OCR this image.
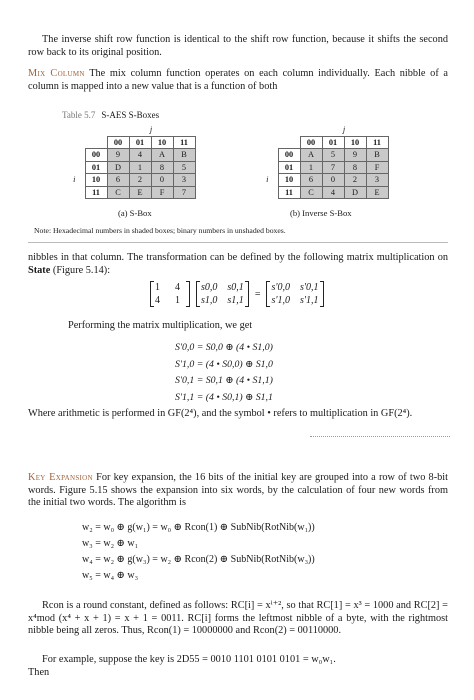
The inverse shift row function is identical to the shift row function, because it shifts the second row back to its original position.

Mix Column The mix column function operates on each column individually. Each nibble of a column is mapped into a new value that is a function of both

Table 5.7 S-AES S-Boxes
		j			
		00	01	10	11
	00	9	4	A	B
	01	D	1	8	5
i	10	6	2	0	3
	11	C	E	F	7
(a) S-Box
		j			
		00	01	10	11
	00	A	5	9	B
	01	1	7	8	F
i	10	6	0	2	3
	11	C	4	D	E
(b) Inverse S-Box
Note: Hexadecimal numbers in shaded boxes; binary numbers in unshaded boxes.

nibbles in that column. The transformation can be defined by the following matrix multiplication on State (Figure 5.14):

1	4
4	1
s0,0 s0,1
s1,0 s1,1
=
s'0,0 s'0,1
s'1,0 s'1,1

Performing the matrix multiplication, we get

S'0,0 = S0,0 ⊕ (4 • S1,0)
S'1,0 = (4 • S0,0) ⊕ S1,0
S'0,1 = S0,1 ⊕ (4 • S1,1)
S'1,1 = (4 • S0,1) ⊕ S1,1

Where arithmetic is performed in GF(2⁴), and the symbol • refers to multiplication in GF(2⁴).

Key Expansion For key expansion, the 16 bits of the initial key are grouped into a row of two 8-bit words. Figure 5.15 shows the expansion into six words, by the calculation of four new words from the initial two words. The algorithm is

w₂ = w₀ ⊕ g(w₁) = w₀ ⊕ Rcon(1) ⊕ SubNib(RotNib(w₁))
w₃ = w₂ ⊕ w₁
w₄ = w₂ ⊕ g(w₃) = w₂ ⊕ Rcon(2) ⊕ SubNib(RotNib(w₃))
w₅ = w₄ ⊕ w₃

Rcon is a round constant, defined as follows: RC[i] = xⁱ⁺², so that RC[1] = x³ = 1000 and RC[2] = x⁴mod (x⁴ + x + 1) = x + 1 = 0011. RC[i] forms the leftmost nibble of a byte, with the rightmost nibble being all zeros. Thus, Rcon(1) = 10000000 and Rcon(2) = 00110000.

For example, suppose the key is 2D55 = 0010 1101 0101 0101 = w₀w₁.

Then
